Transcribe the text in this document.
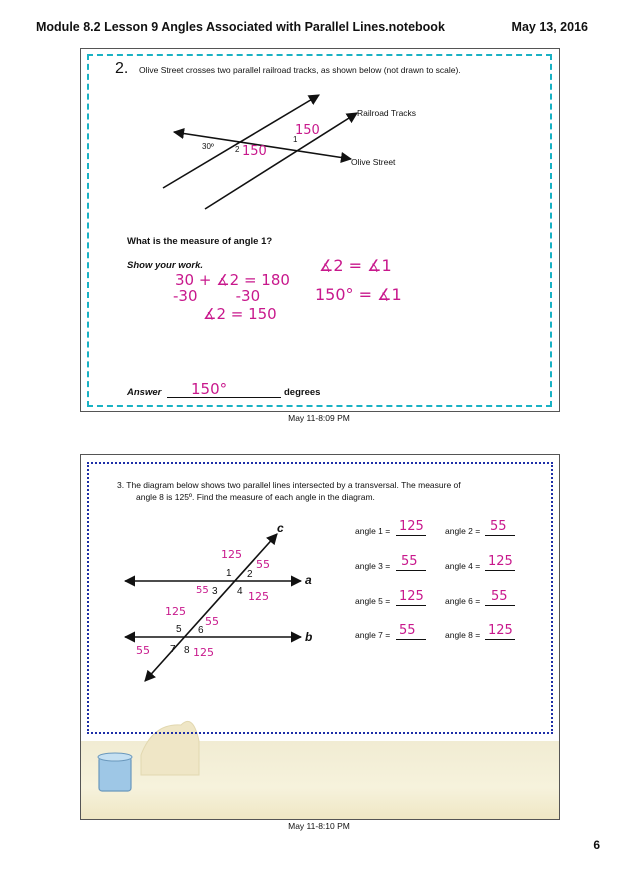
Module 8.2 Lesson 9 Angles Associated with Parallel Lines.notebook	May 13, 2016
2. Olive Street crosses two parallel railroad tracks, as shown below (not drawn to scale).
Railroad Tracks
Olive Street
30º	2
1
150
150
What is the measure of angle 1?
Show your work.
30 + ∡2 = 180
-30        -30
∡2 = 150
∡2 = ∡1
150° = ∡1
Answer 150°	degrees
May 11-8:09 PM
3. The diagram below shows two parallel lines intersected by a transversal. The measure of
angle 8 is 125º. Find the measure of each angle in the diagram.
c
a
b
1 2
3 4
5 6
7 8
125
55
55	125
125
55
55	125
angle 1 = 125 angle 2 = 55
angle 3 = 55	angle 4 = 125
angle 5 = 125 angle 6 = 55
angle 7 = 55	angle 8 = 125
May 11-8:10 PM
6
